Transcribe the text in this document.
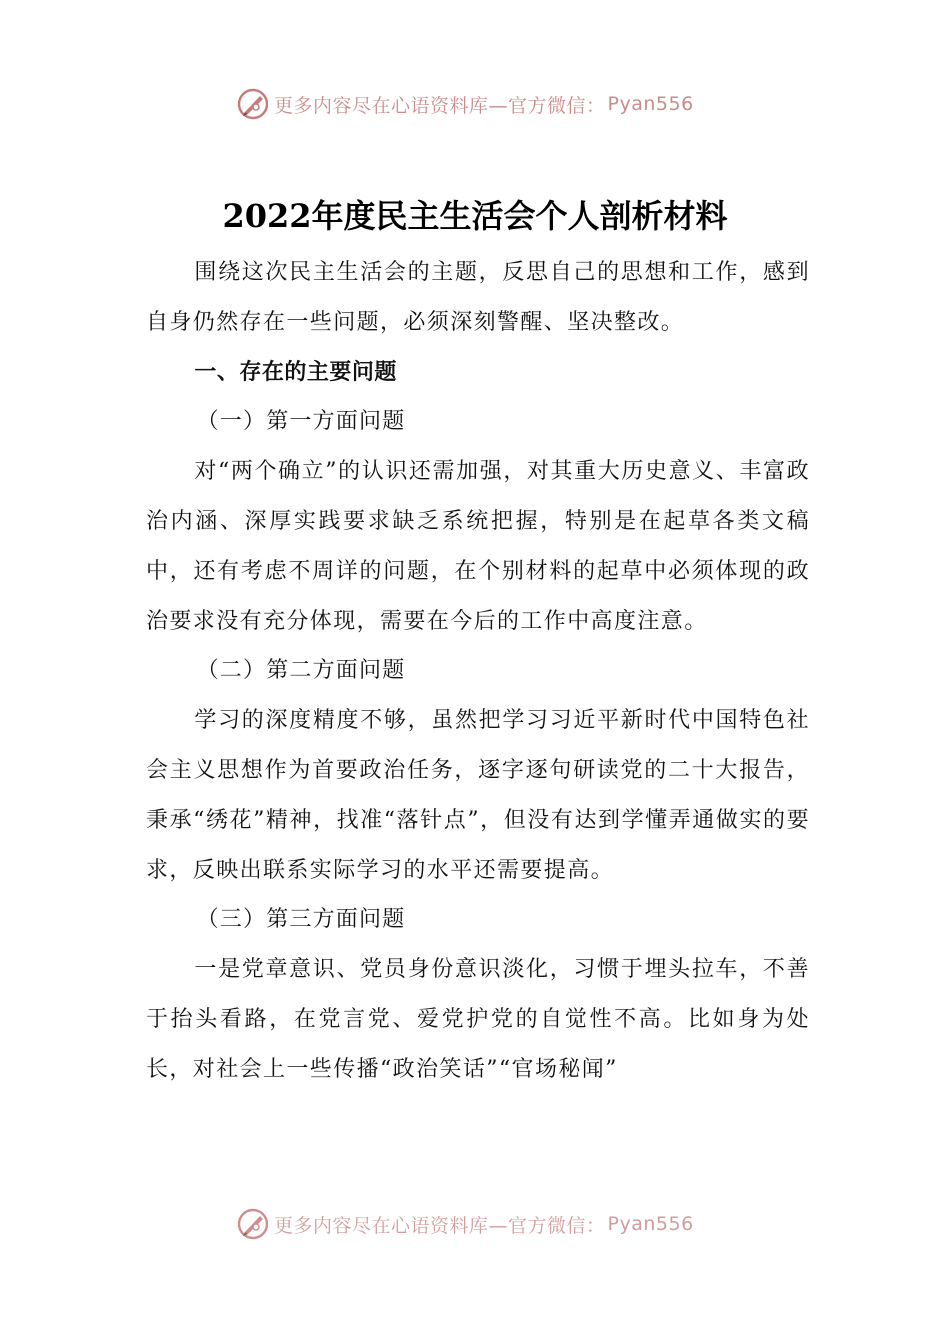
更多内容尽在心语资料库—官方微信： Pyan556
2022年度民主生活会个人剖析材料

围绕这次民主生活会的主题，反思自己的思想和工作，感到自身仍然存在一些问题，必须深刻警醒、坚决整改。

一、存在的主要问题

（一）第一方面问题

对“两个确立”的认识还需加强，对其重大历史意义、丰富政治内涵、深厚实践要求缺乏系统把握，特别是在起草各类文稿中，还有考虑不周详的问题，在个别材料的起草中必须体现的政治要求没有充分体现，需要在今后的工作中高度注意。

（二）第二方面问题

学习的深度精度不够，虽然把学习习近平新时代中国特色社会主义思想作为首要政治任务，逐字逐句研读党的二十大报告，秉承“绣花”精神，找准“落针点”，但没有达到学懂弄通做实的要求，反映出联系实际学习的水平还需要提高。

（三）第三方面问题

一是党章意识、党员身份意识淡化，习惯于埋头拉车，不善于抬头看路，在党言党、爱党护党的自觉性不高。比如身为处长，对社会上一些传播“政治笑话”“官场秘闻”

更多内容尽在心语资料库—官方微信： Pyan556
